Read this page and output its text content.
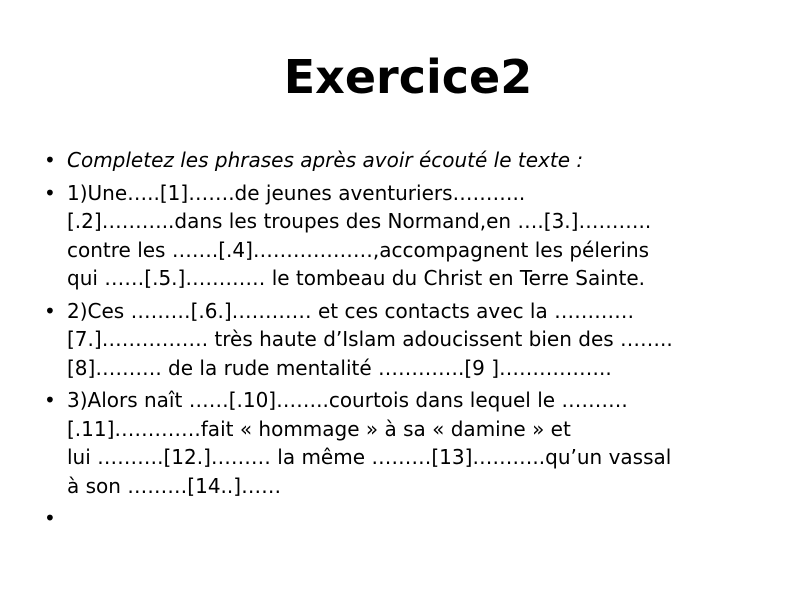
Exercice2
• Completez les phrases après avoir écouté le texte :
• 1)Une…..[1]…….de jeunes aventuriers………..
[.2]………..dans les troupes des Normand,en ….[3.]………..
contre les …….[.4]………………,accompagnent les pélerins
qui ……[.5.]………… le tombeau du Christ en Terre Sainte.
• 2)Ces ………[.6.]………… et ces contacts avec la …………
[7.]……………. très haute d’Islam adoucissent bien des ……..
[8]………. de la rude mentalité ………….[9 ]……………..
• 3)Alors naît ……[.10]……..courtois dans lequel le ……….
[.11]………….fait « hommage » à sa « damine » et
lui ……….[12.]……… la même ………[13]………..qu’un vassal
à son ………[14..]……
•
